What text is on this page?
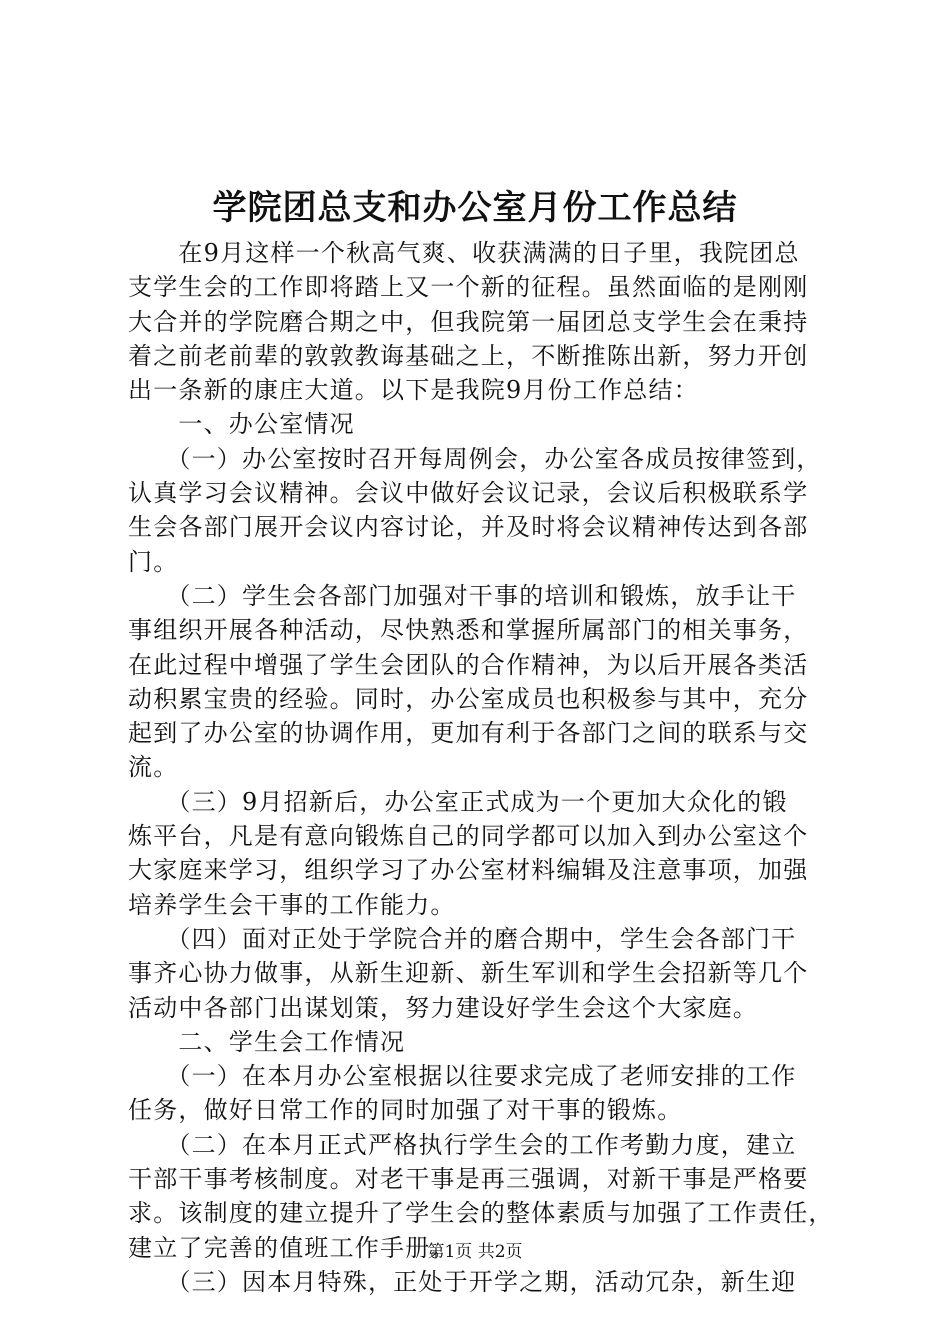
学院团总支和办公室月份工作总结
　　在9月这样一个秋高气爽、收获满满的日子里，我院团总
支学生会的工作即将踏上又一个新的征程。虽然面临的是刚刚
大合并的学院磨合期之中，但我院第一届团总支学生会在秉持
着之前老前辈的敦敦教诲基础之上，不断推陈出新，努力开创
出一条新的康庄大道。以下是我院9月份工作总结：
　　一、办公室情况
　　（一）办公室按时召开每周例会，办公室各成员按律签到，
认真学习会议精神。会议中做好会议记录，会议后积极联系学
生会各部门展开会议内容讨论，并及时将会议精神传达到各部
门。
　　（二）学生会各部门加强对干事的培训和锻炼，放手让干
事组织开展各种活动，尽快熟悉和掌握所属部门的相关事务，
在此过程中增强了学生会团队的合作精神，为以后开展各类活
动积累宝贵的经验。同时，办公室成员也积极参与其中，充分
起到了办公室的协调作用，更加有利于各部门之间的联系与交
流。
　　（三）9月招新后，办公室正式成为一个更加大众化的锻
炼平台，凡是有意向锻炼自己的同学都可以加入到办公室这个
大家庭来学习，组织学习了办公室材料编辑及注意事项，加强
培养学生会干事的工作能力。
　　（四）面对正处于学院合并的磨合期中，学生会各部门干
事齐心协力做事，从新生迎新、新生军训和学生会招新等几个
活动中各部门出谋划策，努力建设好学生会这个大家庭。
　　二、学生会工作情况
　　（一）在本月办公室根据以往要求完成了老师安排的工作
任务，做好日常工作的同时加强了对干事的锻炼。
　　（二）在本月正式严格执行学生会的工作考勤力度，建立
干部干事考核制度。对老干事是再三强调，对新干事是严格要
求。该制度的建立提升了学生会的整体素质与加强了工作责任，
建立了完善的值班工作手册。
　　（三）因本月特殊，正处于开学之期，活动冗杂，新生迎
第1页 共2页
